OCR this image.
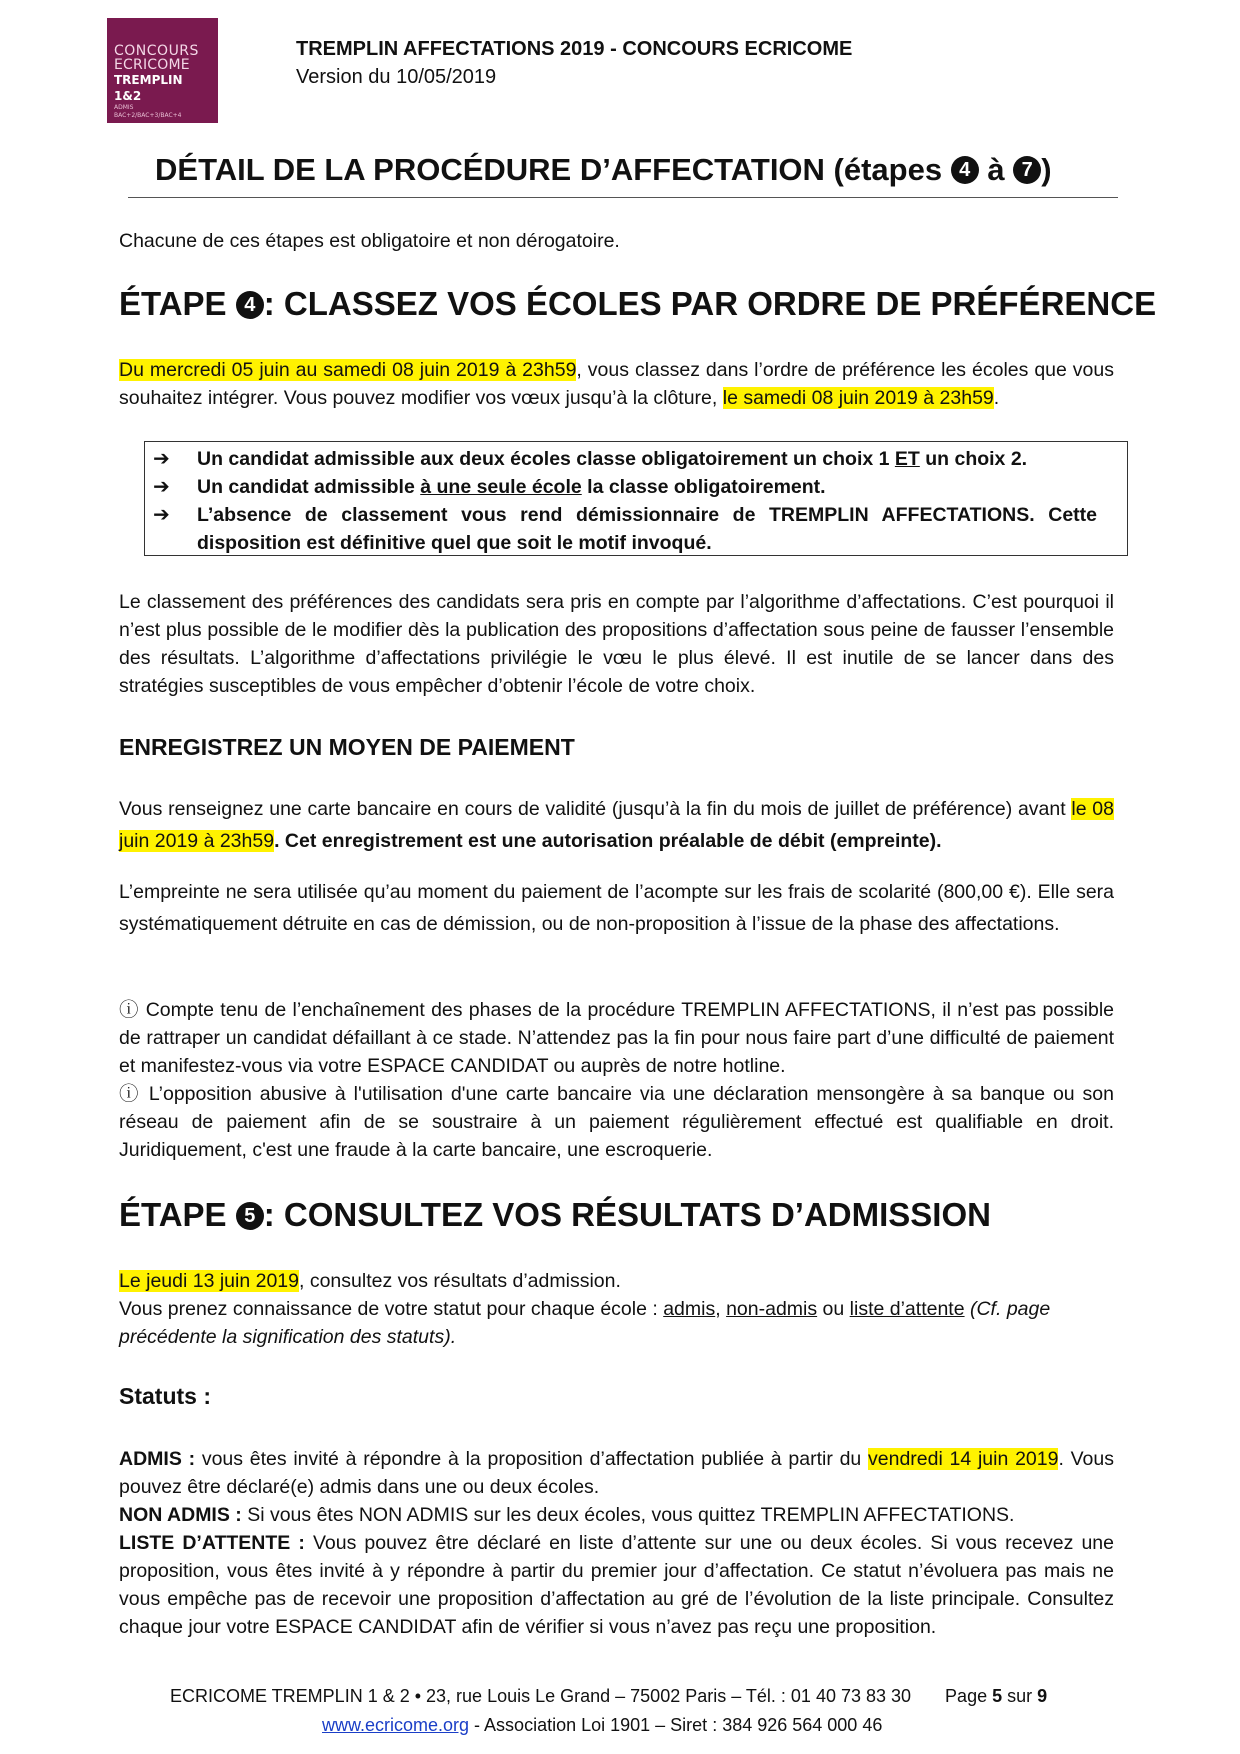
CONCOURS
ECRICOME
TREMPLIN 1&2
ADMIS
BAC+2/BAC+3/BAC+4
TREMPLIN AFFECTATIONS 2019 - CONCOURS ECRICOME
Version du 10/05/2019
DÉTAIL DE LA PROCÉDURE D’AFFECTATION (étapes 4 à 7 )
Chacune de ces étapes est obligatoire et non dérogatoire.
ÉTAPE 4 : CLASSEZ VOS ÉCOLES PAR ORDRE DE PRÉFÉRENCE
Du mercredi 05 juin au samedi 08 juin 2019 à 23h59, vous classez dans l’ordre de préférence les écoles que vous souhaitez intégrer. Vous pouvez modifier vos vœux jusqu’à la clôture, le samedi 08 juin 2019 à 23h59.
➔ Un candidat admissible aux deux écoles classe obligatoirement un choix 1 ET un choix 2.
➔ Un candidat admissible à une seule école la classe obligatoirement.
➔ L’absence de classement vous rend démissionnaire de TREMPLIN AFFECTATIONS. Cette disposition est définitive quel que soit le motif invoqué.
Le classement des préférences des candidats sera pris en compte par l’algorithme d’affectations. C’est pourquoi il n’est plus possible de le modifier dès la publication des propositions d’affectation sous peine de fausser l’ensemble des résultats. L’algorithme d’affectations privilégie le vœu le plus élevé. Il est inutile de se lancer dans des stratégies susceptibles de vous empêcher d’obtenir l’école de votre choix.
ENREGISTREZ UN MOYEN DE PAIEMENT
Vous renseignez une carte bancaire en cours de validité (jusqu’à la fin du mois de juillet de préférence) avant le 08 juin 2019 à 23h59. Cet enregistrement est une autorisation préalable de débit (empreinte).
L’empreinte ne sera utilisée qu’au moment du paiement de l’acompte sur les frais de scolarité (800,00 €). Elle sera systématiquement détruite en cas de démission, ou de non-proposition à l’issue de la phase des affectations.
ⓘ Compte tenu de l’enchaînement des phases de la procédure TREMPLIN AFFECTATIONS, il n’est pas possible de rattraper un candidat défaillant à ce stade. N’attendez pas la fin pour nous faire part d’une difficulté de paiement et manifestez-vous via votre ESPACE CANDIDAT ou auprès de notre hotline.
ⓘ L’opposition abusive à l'utilisation d'une carte bancaire via une déclaration mensongère à sa banque ou son réseau de paiement afin de se soustraire à un paiement régulièrement effectué est qualifiable en droit. Juridiquement, c'est une fraude à la carte bancaire, une escroquerie.
ÉTAPE 5 : CONSULTEZ VOS RÉSULTATS D’ADMISSION
Le jeudi 13 juin 2019, consultez vos résultats d’admission.
Vous prenez connaissance de votre statut pour chaque école : admis, non-admis ou liste d’attente (Cf. page précédente la signification des statuts).
Statuts :
ADMIS : vous êtes invité à répondre à la proposition d’affectation publiée à partir du vendredi 14 juin 2019. Vous pouvez être déclaré(e) admis dans une ou deux écoles.
NON ADMIS : Si vous êtes NON ADMIS sur les deux écoles, vous quittez TREMPLIN AFFECTATIONS.
LISTE D’ATTENTE : Vous pouvez être déclaré en liste d’attente sur une ou deux écoles. Si vous recevez une proposition, vous êtes invité à y répondre à partir du premier jour d’affectation. Ce statut n’évoluera pas mais ne vous empêche pas de recevoir une proposition d’affectation au gré de l’évolution de la liste principale. Consultez chaque jour votre ESPACE CANDIDAT afin de vérifier si vous n’avez pas reçu une proposition.
ECRICOME TREMPLIN 1 & 2 • 23, rue Louis Le Grand – 75002 Paris – Tél. : 01 40 73 83 30 Page 5 sur 9
www.ecricome.org - Association Loi 1901 – Siret : 384 926 564 000 46
